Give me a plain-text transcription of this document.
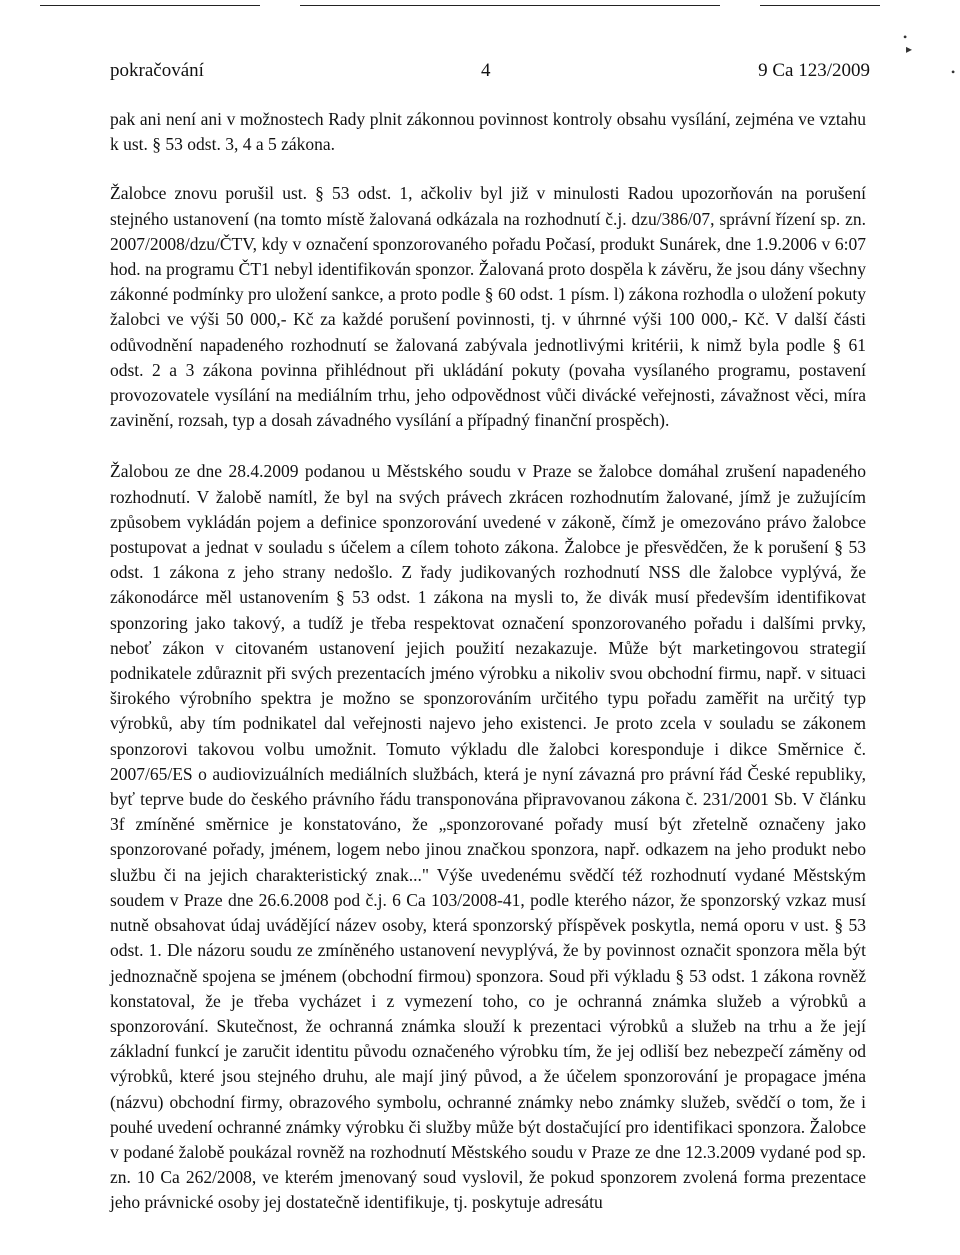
•
▸
•
pokračování	4	9 Ca 123/2009

pak ani není ani v možnostech Rady plnit zákonnou povinnost kontroly obsahu vysílání, zejména ve vztahu k ust. § 53 odst. 3, 4 a 5 zákona.

Žalobce znovu porušil ust. § 53 odst. 1, ačkoliv byl již v minulosti Radou upozorňován na porušení stejného ustanovení (na tomto místě žalovaná odkázala na rozhodnutí č.j. dzu/386/07, správní řízení sp. zn. 2007/2008/dzu/ČTV, kdy v označení sponzorovaného pořadu Počasí, produkt Sunárek, dne 1.9.2006 v 6:07 hod. na programu ČT1 nebyl identifikován sponzor. Žalovaná proto dospěla k závěru, že jsou dány všechny zákonné podmínky pro uložení sankce, a proto podle § 60 odst. 1 písm. l) zákona rozhodla o uložení pokuty žalobci ve výši 50 000,- Kč za každé porušení povinnosti, tj. v úhrnné výši 100 000,- Kč. V další části odůvodnění napadeného rozhodnutí se žalovaná zabývala jednotlivými kritérii, k nimž byla podle § 61 odst. 2 a 3 zákona povinna přihlédnout při ukládání pokuty (povaha vysílaného programu, postavení provozovatele vysílání na mediálním trhu, jeho odpovědnost vůči divácké veřejnosti, závažnost věci, míra zavinění, rozsah, typ a dosah závadného vysílání a případný finanční prospěch).

Žalobou ze dne 28.4.2009 podanou u Městského soudu v Praze se žalobce domáhal zrušení napadeného rozhodnutí. V žalobě namítl, že byl na svých právech zkrácen rozhodnutím žalované, jímž je zužujícím způsobem vykládán pojem a definice sponzorování uvedené v zákoně, čímž je omezováno právo žalobce postupovat a jednat v souladu s účelem a cílem tohoto zákona. Žalobce je přesvědčen, že k porušení § 53 odst. 1 zákona z jeho strany nedošlo. Z řady judikovaných rozhodnutí NSS dle žalobce vyplývá, že zákonodárce měl ustanovením § 53 odst. 1 zákona na mysli to, že divák musí především identifikovat sponzoring jako takový, a tudíž je třeba respektovat označení sponzorovaného pořadu i dalšími prvky, neboť zákon v citovaném ustanovení jejich použití nezakazuje. Může být marketingovou strategií podnikatele zdůraznit při svých prezentacích jméno výrobku a nikoliv svou obchodní firmu, např. v situaci širokého výrobního spektra je možno se sponzorováním určitého typu pořadu zaměřit na určitý typ výrobků, aby tím podnikatel dal veřejnosti najevo jeho existenci. Je proto zcela v souladu se zákonem sponzorovi takovou volbu umožnit. Tomuto výkladu dle žalobci koresponduje i dikce Směrnice č. 2007/65/ES o audiovizuálních mediálních službách, která je nyní závazná pro právní řád České republiky, byť teprve bude do českého právního řádu transponována připravovanou zákona č. 231/2001 Sb. V článku 3f zmíněné směrnice je konstatováno, že „sponzorované pořady musí být zřetelně označeny jako sponzorované pořady, jménem, logem nebo jinou značkou sponzora, např. odkazem na jeho produkt nebo službu či na jejich charakteristický znak..." Výše uvedenému svědčí též rozhodnutí vydané Městským soudem v Praze dne 26.6.2008 pod č.j. 6 Ca 103/2008-41, podle kterého názor, že sponzorský vzkaz musí nutně obsahovat údaj uvádějící název osoby, která sponzorský příspěvek poskytla, nemá oporu v ust. § 53 odst. 1. Dle názoru soudu ze zmíněného ustanovení nevyplývá, že by povinnost označit sponzora měla být jednoznačně spojena se jménem (obchodní firmou) sponzora. Soud při výkladu § 53 odst. 1 zákona rovněž konstatoval, že je třeba vycházet i z vymezení toho, co je ochranná známka služeb a výrobků a sponzorování. Skutečnost, že ochranná známka slouží k prezentaci výrobků a služeb na trhu a že její základní funkcí je zaručit identitu původu označeného výrobku tím, že jej odliší bez nebezpečí záměny od výrobků, které jsou stejného druhu, ale mají jiný původ, a že účelem sponzorování je propagace jména (názvu) obchodní firmy, obrazového symbolu, ochranné známky nebo známky služeb, svědčí o tom, že i pouhé uvedení ochranné známky výrobku či služby může být dostačující pro identifikaci sponzora. Žalobce v podané žalobě poukázal rovněž na rozhodnutí Městského soudu v Praze ze dne 12.3.2009 vydané pod sp. zn. 10 Ca 262/2008, ve kterém jmenovaný soud vyslovil, že pokud sponzorem zvolená forma prezentace jeho právnické osoby jej dostatečně identifikuje, tj. poskytuje adresátu
